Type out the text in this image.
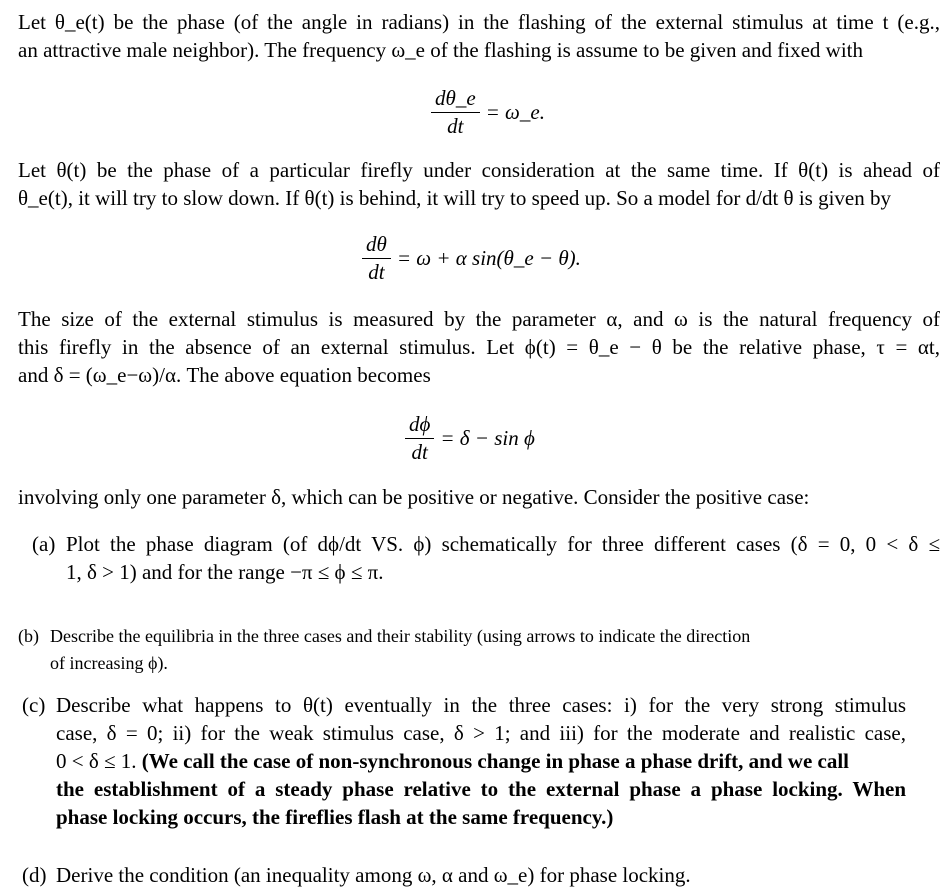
Let θ_e(t) be the phase (of the angle in radians) in the flashing of the external stimulus at time t (e.g.,
an attractive male neighbor). The frequency ω_e of the flashing is assume to be given and fixed with
$\frac{d\theta\_e}{dt}$ = ω_e.
Let θ(t) be the phase of a particular firefly under consideration at the same time. If θ(t) is ahead of
θ_e(t), it will try to slow down. If θ(t) is behind, it will try to speed up. So a model for d/dt θ is given by
$\frac{d\theta}{dt} = \omega + \alpha$ sin(θ_e − θ).
The size of the external stimulus is measured by the parameter α, and ω is the natural frequency of
this firefly in the absence of an external stimulus. Let ϕ(t) = θ_e − θ be the relative phase, τ = αt,
and δ = (ω_e−ω)/α. The above equation becomes
$\frac{d\phi}{dt} = \delta - \sin \phi$
involving only one parameter δ, which can be positive or negative. Consider the positive case:
(a) Plot the phase diagram (of dϕ/dt VS. ϕ) schematically for three different cases (δ = 0, 0 < δ ≤
1, δ > 1) and for the range −π ≤ ϕ ≤ π.
(b) Describe the equilibria in the three cases and their stability (using arrows to indicate the direction
of increasing ϕ).
(c) Describe what happens to θ(t) eventually in the three cases: i) for the very strong stimulus
case, δ = 0; ii) for the weak stimulus case, δ > 1; and iii) for the moderate and realistic case,
0 < δ ≤ 1. (We call the case of non-synchronous change in phase a phase drift, and we call
the establishment of a steady phase relative to the external phase a phase locking. When
phase locking occurs, the fireflies flash at the same frequency.)
(d) Derive the condition (an inequality among ω, α and ω_e) for phase locking.
